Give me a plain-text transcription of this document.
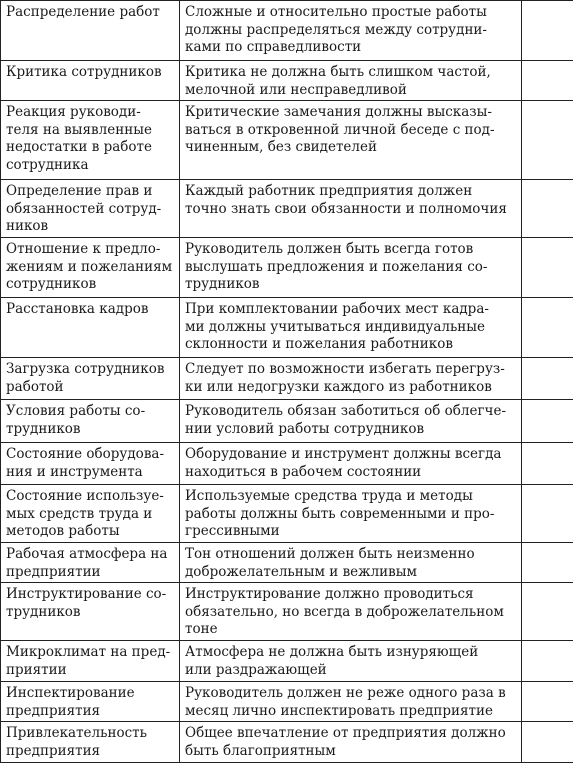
Распределение работ	Сложные и относительно простые работы
должны распределяться между сотрудни-
ками по справедливости	

Критика сотрудников	Критика не должна быть слишком частой,
мелочной или несправедливой	

Реакция руководи-
теля на выявленные
недостатки в работе
сотрудника	Критические замечания должны высказы-
ваться в откровенной личной беседе с под-
чиненным, без свидетелей	

Определение прав и
обязанностей сотруд-
ников	Каждый работник предприятия должен
точно знать свои обязанности и полномочия	

Отношение к предло-
жениям и пожеланиям
сотрудников	Руководитель должен быть всегда готов
выслушать предложения и пожелания со-
трудников	

Расстановка кадров	При комплектовании рабочих мест кадра-
ми должны учитываться индивидуальные
склонности и пожелания работников	

Загрузка сотрудников
работой	Следует по возможности избегать перегруз-
ки или недогрузки каждого из работников	

Условия работы со-
трудников	Руководитель обязан заботиться об облегче-
нии условий работы сотрудников	

Состояние оборудова-
ния и инструмента	Оборудование и инструмент должны всегда
находиться в рабочем состоянии	

Состояние используе-
мых средств труда и
методов работы	Используемые средства труда и методы
работы должны быть современными и про-
грессивными	

Рабочая атмосфера на
предприятии	Тон отношений должен быть неизменно
доброжелательным и вежливым	

Инструктирование со-
трудников	Инструктирование должно проводиться
обязательно, но всегда в доброжелательном
тоне	

Микроклимат на пред-
приятии	Атмосфера не должна быть изнуряющей
или раздражающей	

Инспектирование
предприятия	Руководитель должен не реже одного раза в
месяц лично инспектировать предприятие	

Привлекательность
предприятия	Общее впечатление от предприятия должно
быть благоприятным	
